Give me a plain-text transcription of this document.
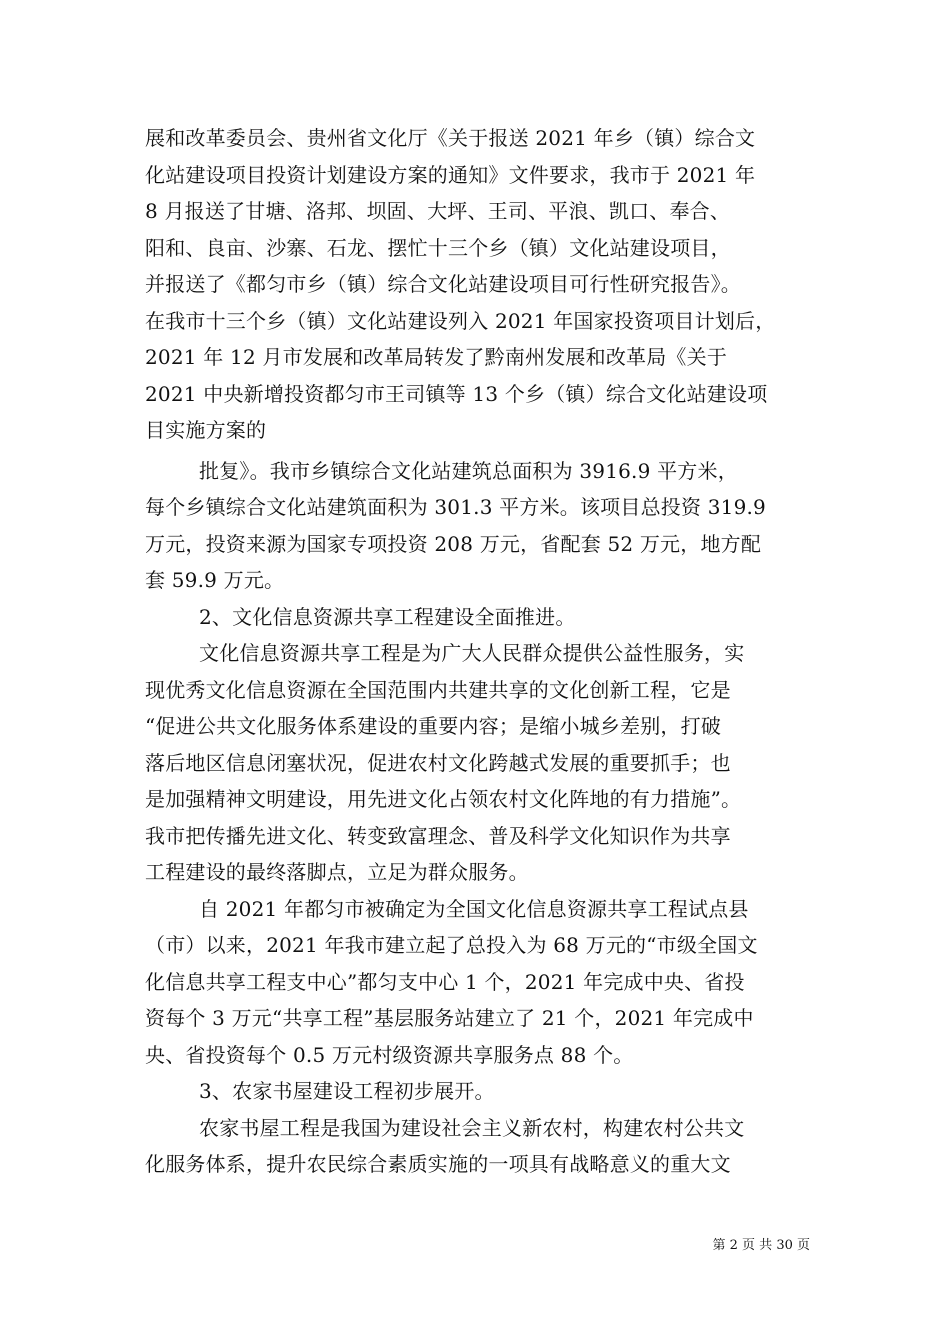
展和改革委员会、贵州省文化厅《关于报送 2021 年乡（镇）综合文
化站建设项目投资计划建设方案的通知》文件要求，我市于 2021 年
8 月报送了甘塘、洛邦、坝固、大坪、王司、平浪、凯口、奉合、
阳和、良亩、沙寨、石龙、摆忙十三个乡（镇）文化站建设项目，
并报送了《都匀市乡（镇）综合文化站建设项目可行性研究报告》。
在我市十三个乡（镇）文化站建设列入 2021 年国家投资项目计划后，
2021 年 12 月市发展和改革局转发了黔南州发展和改革局《关于
2021 中央新增投资都匀市王司镇等 13 个乡（镇）综合文化站建设项
目实施方案的
批复》。我市乡镇综合文化站建筑总面积为 3916.9 平方米，
每个乡镇综合文化站建筑面积为 301.3 平方米。该项目总投资 319.9
万元，投资来源为国家专项投资 208 万元，省配套 52 万元，地方配
套 59.9 万元。
2、文化信息资源共享工程建设全面推进。
文化信息资源共享工程是为广大人民群众提供公益性服务，实
现优秀文化信息资源在全国范围内共建共享的文化创新工程，它是
“促进公共文化服务体系建设的重要内容；是缩小城乡差别，打破
落后地区信息闭塞状况，促进农村文化跨越式发展的重要抓手；也
是加强精神文明建设，用先进文化占领农村文化阵地的有力措施”。
我市把传播先进文化、转变致富理念、普及科学文化知识作为共享
工程建设的最终落脚点，立足为群众服务。
自 2021 年都匀市被确定为全国文化信息资源共享工程试点县
（市）以来，2021 年我市建立起了总投入为 68 万元的“市级全国文
化信息共享工程支中心”都匀支中心 1 个，2021 年完成中央、省投
资每个 3 万元“共享工程”基层服务站建立了 21 个，2021 年完成中
央、省投资每个 0.5 万元村级资源共享服务点 88 个。
3、农家书屋建设工程初步展开。
农家书屋工程是我国为建设社会主义新农村，构建农村公共文
化服务体系，提升农民综合素质实施的一项具有战略意义的重大文
第 2 页 共 30 页
